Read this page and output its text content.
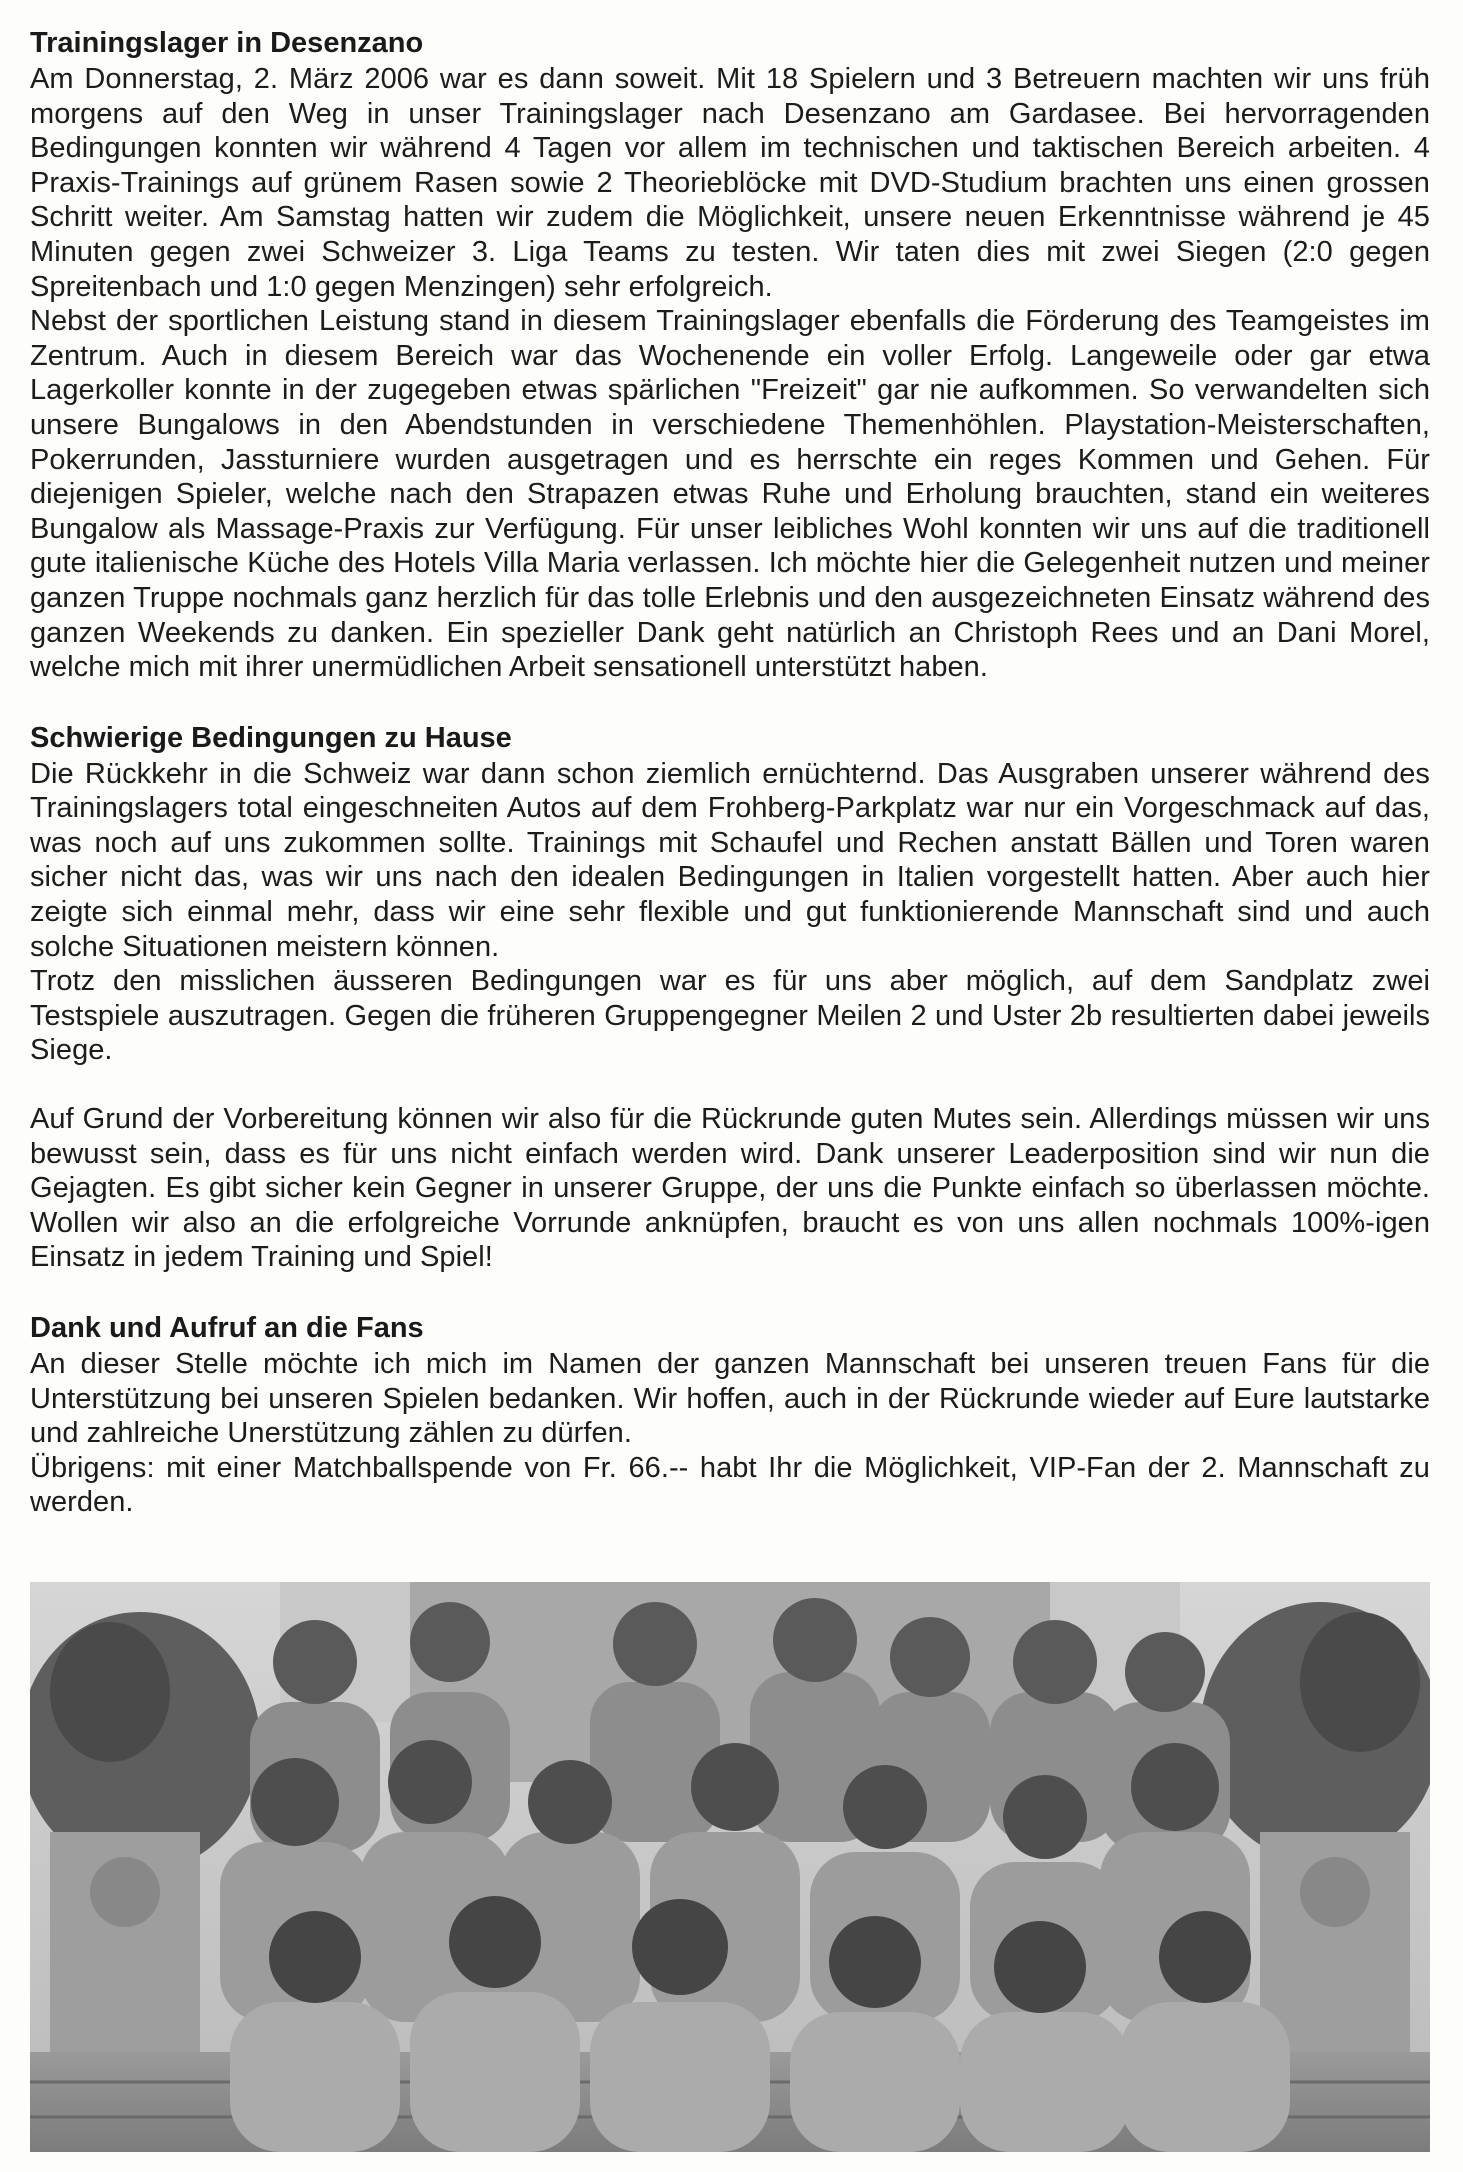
Trainingslager in Desenzano

Am Donnerstag, 2. März 2006 war es dann soweit. Mit 18 Spielern und 3 Betreuern machten wir uns früh morgens auf den Weg in unser Trainingslager nach Desenzano am Gardasee. Bei hervorragenden Bedingungen konnten wir während 4 Tagen vor allem im technischen und taktischen Bereich arbeiten. 4 Praxis-Trainings auf grünem Rasen sowie 2 Theorieblöcke mit DVD-Studium brachten uns einen grossen Schritt weiter. Am Samstag hatten wir zudem die Möglichkeit, unsere neuen Erkenntnisse während je 45 Minuten gegen zwei Schweizer 3. Liga Teams zu testen. Wir taten dies mit zwei Siegen (2:0 gegen Spreitenbach und 1:0 gegen Menzingen) sehr erfolgreich.

Nebst der sportlichen Leistung stand in diesem Trainingslager ebenfalls die Förderung des Teamgeistes im Zentrum. Auch in diesem Bereich war das Wochenende ein voller Erfolg. Langeweile oder gar etwa Lagerkoller konnte in der zugegeben etwas spärlichen "Freizeit" gar nie aufkommen. So verwandelten sich unsere Bungalows in den Abendstunden in verschiedene Themenhöhlen. Playstation-Meisterschaften, Pokerrunden, Jassturniere wurden ausgetragen und es herrschte ein reges Kommen und Gehen. Für diejenigen Spieler, welche nach den Strapazen etwas Ruhe und Erholung brauchten, stand ein weiteres Bungalow als Massage-Praxis zur Verfügung. Für unser leibliches Wohl konnten wir uns auf die traditionell gute italienische Küche des Hotels Villa Maria verlassen. Ich möchte hier die Gelegenheit nutzen und meiner ganzen Truppe nochmals ganz herzlich für das tolle Erlebnis und den ausgezeichneten Einsatz während des ganzen Weekends zu danken. Ein spezieller Dank geht natürlich an Christoph Rees und an Dani Morel, welche mich mit ihrer unermüdlichen Arbeit sensationell unterstützt haben.

Schwierige Bedingungen zu Hause

Die Rückkehr in die Schweiz war dann schon ziemlich ernüchternd. Das Ausgraben unserer während des Trainingslagers total eingeschneiten Autos auf dem Frohberg-Parkplatz war nur ein Vorgeschmack auf das, was noch auf uns zukommen sollte. Trainings mit Schaufel und Rechen anstatt Bällen und Toren waren sicher nicht das, was wir uns nach den idealen Bedingungen in Italien vorgestellt hatten. Aber auch hier zeigte sich einmal mehr, dass wir eine sehr flexible und gut funktionierende Mannschaft sind und auch solche Situationen meistern können.

Trotz den misslichen äusseren Bedingungen war es für uns aber möglich, auf dem Sandplatz zwei Testspiele auszutragen. Gegen die früheren Gruppengegner Meilen 2 und Uster 2b resultierten dabei jeweils Siege.

Auf Grund der Vorbereitung können wir also für die Rückrunde guten Mutes sein. Allerdings müssen wir uns bewusst sein, dass es für uns nicht einfach werden wird. Dank unserer Leaderposition sind wir nun die Gejagten. Es gibt sicher kein Gegner in unserer Gruppe, der uns die Punkte einfach so überlassen möchte. Wollen wir also an die erfolgreiche Vorrunde anknüpfen, braucht es von uns allen nochmals 100%-igen Einsatz in jedem Training und Spiel!

Dank und Aufruf an die Fans

An dieser Stelle möchte ich mich im Namen der ganzen Mannschaft bei unseren treuen Fans für die Unterstützung bei unseren Spielen bedanken. Wir hoffen, auch in der Rückrunde wieder auf Eure lautstarke und zahlreiche Unerstützung zählen zu dürfen.

Übrigens: mit einer Matchballspende von Fr. 66.-- habt Ihr die Möglichkeit, VIP-Fan der 2. Mannschaft zu werden.
